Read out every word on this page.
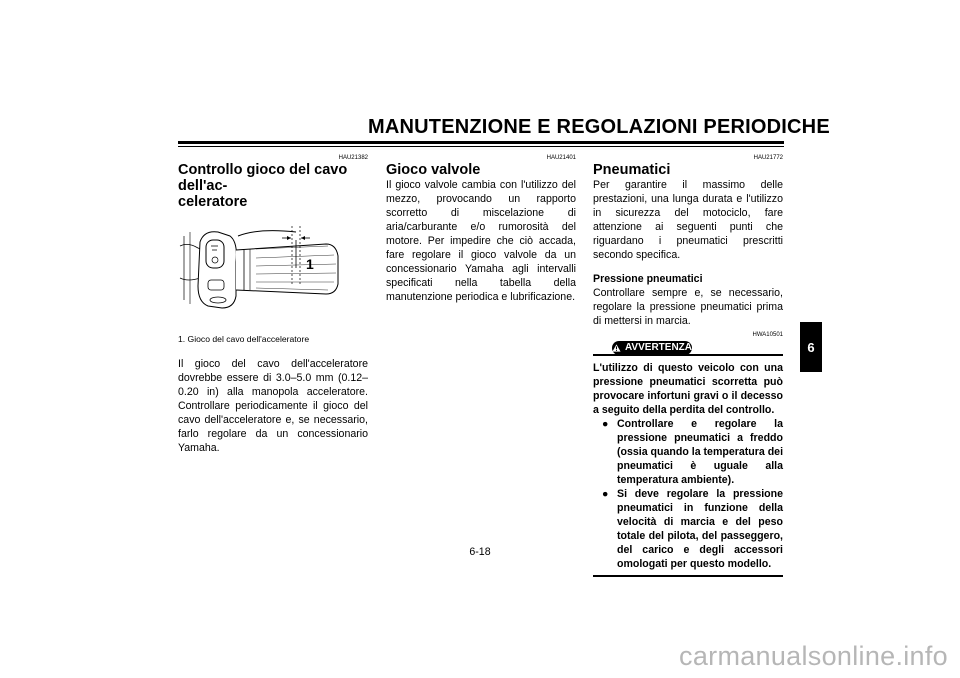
MANUTENZIONE E REGOLAZIONI PERIODICHE
HAU21382
Controllo gioco del cavo dell'ac-
celeratore
1
1. Gioco del cavo dell'acceleratore
Il gioco del cavo dell'acceleratore dovrebbe essere di 3.0–5.0 mm (0.12–0.20 in) alla manopola acceleratore. Controllare periodicamente il gioco del cavo dell'acceleratore e, se necessario, farlo regolare da un concessionario Yamaha.
HAU21401
Gioco valvole
Il gioco valvole cambia con l'utilizzo del mezzo, provocando un rapporto scorretto di miscelazione di aria/carburante e/o rumorosità del motore. Per impedire che ciò accada, fare regolare il gioco valvole da un concessionario Yamaha agli intervalli specificati nella tabella della manutenzione periodica e lubrificazione.
HAU21772
Pneumatici
Per garantire il massimo delle prestazioni, una lunga durata e l'utilizzo in sicurezza del motociclo, fare attenzione ai seguenti punti che riguardano i pneumatici prescritti secondo specifica.
Pressione pneumatici
Controllare sempre e, se necessario, regolare la pressione pneumatici prima di mettersi in marcia.
HWA10501
AVVERTENZA
L'utilizzo di questo veicolo con una pressione pneumatici scorretta può provocare infortuni gravi o il decesso a seguito della perdita del controllo.
● Controllare e regolare la pressione pneumatici a freddo (ossia quando la temperatura dei pneumatici è uguale alla temperatura ambiente).
● Si deve regolare la pressione pneumatici in funzione della velocità di marcia e del peso totale del pilota, del passeggero, del carico e degli accessori omologati per questo modello.
6
6-18
carmanualsonline.info
